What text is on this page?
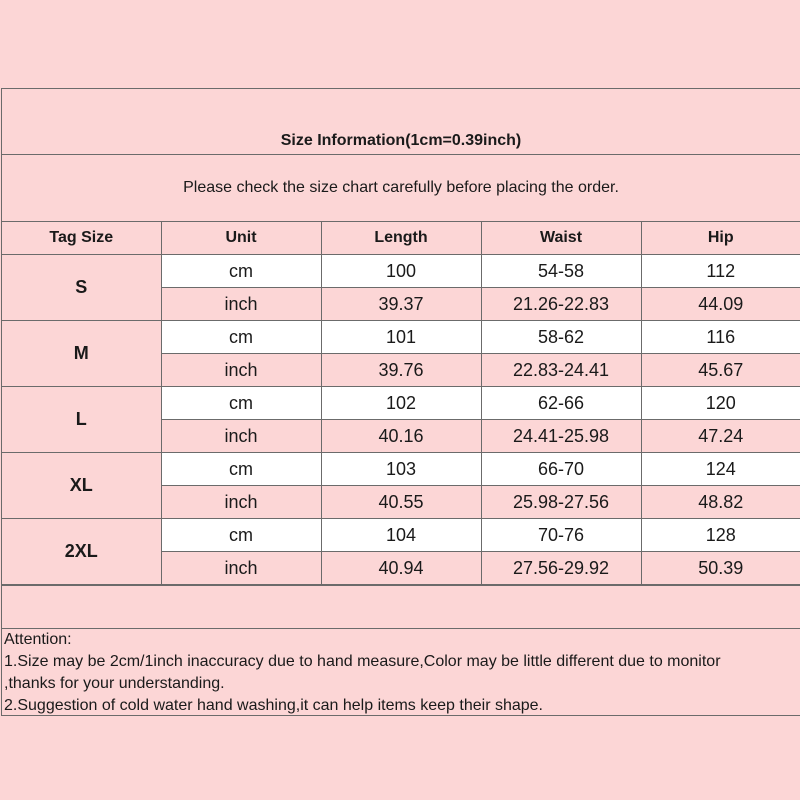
Size Information(1cm=0.39inch)
Please check the size chart carefully before placing the order.
Tag Size	Unit	Length	Waist	Hip
S	cm	100	54-58	112
	inch	39.37	21.26-22.83	44.09
M	cm	101	58-62	116
	inch	39.76	22.83-24.41	45.67
L	cm	102	62-66	120
	inch	40.16	24.41-25.98	47.24
XL	cm	103	66-70	124
	inch	40.55	25.98-27.56	48.82
2XL	cm	104	70-76	128
	inch	40.94	27.56-29.92	50.39
Attention:
1.Size may be 2cm/1inch inaccuracy due to hand measure,Color may be little different due to monitor
,thanks for your understanding.
2.Suggestion of cold water hand washing,it can help items keep their shape.
